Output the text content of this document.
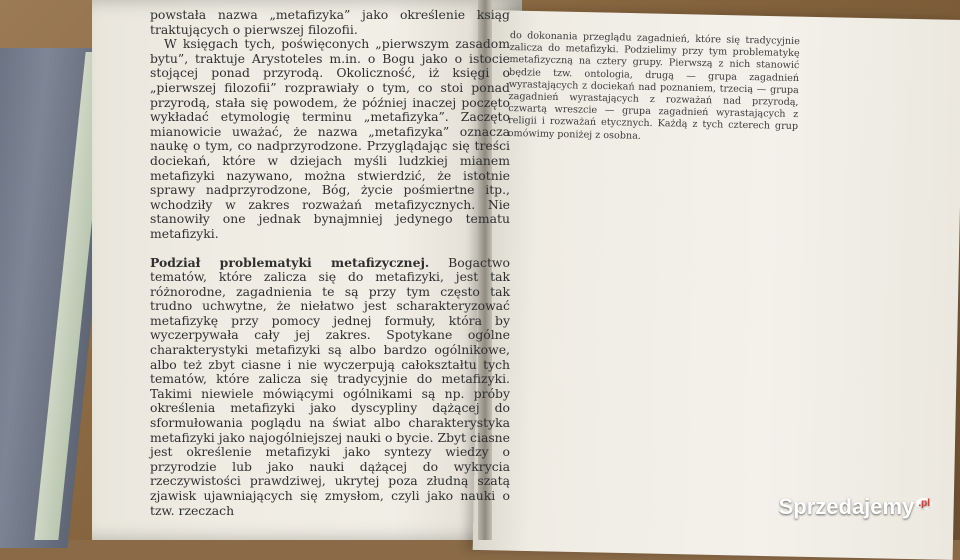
powstała nazwa „metafizyka” jako określenie ksiąg traktujących o pierwszej filozofii.

W księgach tych, poświęconych „pierwszym zasadom bytu”, traktuje Arystoteles m.in. o Bogu jako o istocie stojącej ponad przyrodą. Okoliczność, iż księgi o „pierwszej filozofii” rozprawiały o tym, co stoi ponad przyrodą, stała się powodem, że później inaczej poczęto wykładać etymologię terminu „metafizyka”. Zaczęto mianowicie uważać, że nazwa „metafizyka” oznacza naukę o tym, co nadprzyrodzone. Przyglądając się treści dociekań, które w dziejach myśli ludzkiej mianem metafizyki nazywano, można stwierdzić, że istotnie sprawy nadprzyrodzone, Bóg, życie pośmiertne itp., wchodziły w zakres rozważań metafizycznych. Nie stanowiły one jednak bynajmniej jedynego tematu metafizyki.

Podział problematyki metafizycznej. Bogactwo tematów, które zalicza się do metafizyki, jest tak różnorodne, zagadnienia te są przy tym często tak trudno uchwytne, że niełatwo jest scharakteryzować metafizykę przy pomocy jednej formuły, która by wyczerpywała cały jej zakres. Spotykane ogólne charakterystyki metafizyki są albo bardzo ogólnikowe, albo też zbyt ciasne i nie wyczerpują całokształtu tych tematów, które zalicza się tradycyjnie do metafizyki. Takimi niewiele mówiącymi ogólnikami są np. próby określenia metafizyki jako dyscypliny dążącej do sformułowania poglądu na świat albo charakterystyka metafizyki jako najogólniejszej nauki o bycie. Zbyt ciasne jest określenie metafizyki jako syntezy wiedzy o przyrodzie lub jako nauki dążącej do wykrycia rzeczywistości prawdziwej, ukrytej poza złudną szatą zjawisk ujawniających się zmysłom, czyli jako nauki o tzw. rzeczach

do dokonania przeglądu zagadnień, które się tradycyjnie zalicza do metafizyki. Podzielimy przy tym problematykę metafizyczną na cztery grupy. Pierwszą z nich stanowić będzie tzw. ontologia, drugą — grupa zagadnień wyrastających z dociekań nad poznaniem, trzecią — grupa zagadnień wyrastających z rozważań nad przyrodą, czwartą wreszcie — grupa zagadnień wyrastających z religii i rozważań etycznych. Każdą z tych czterech grup omówimy poniżej z osobna.

Sprzedajemy $^{.pl}$
